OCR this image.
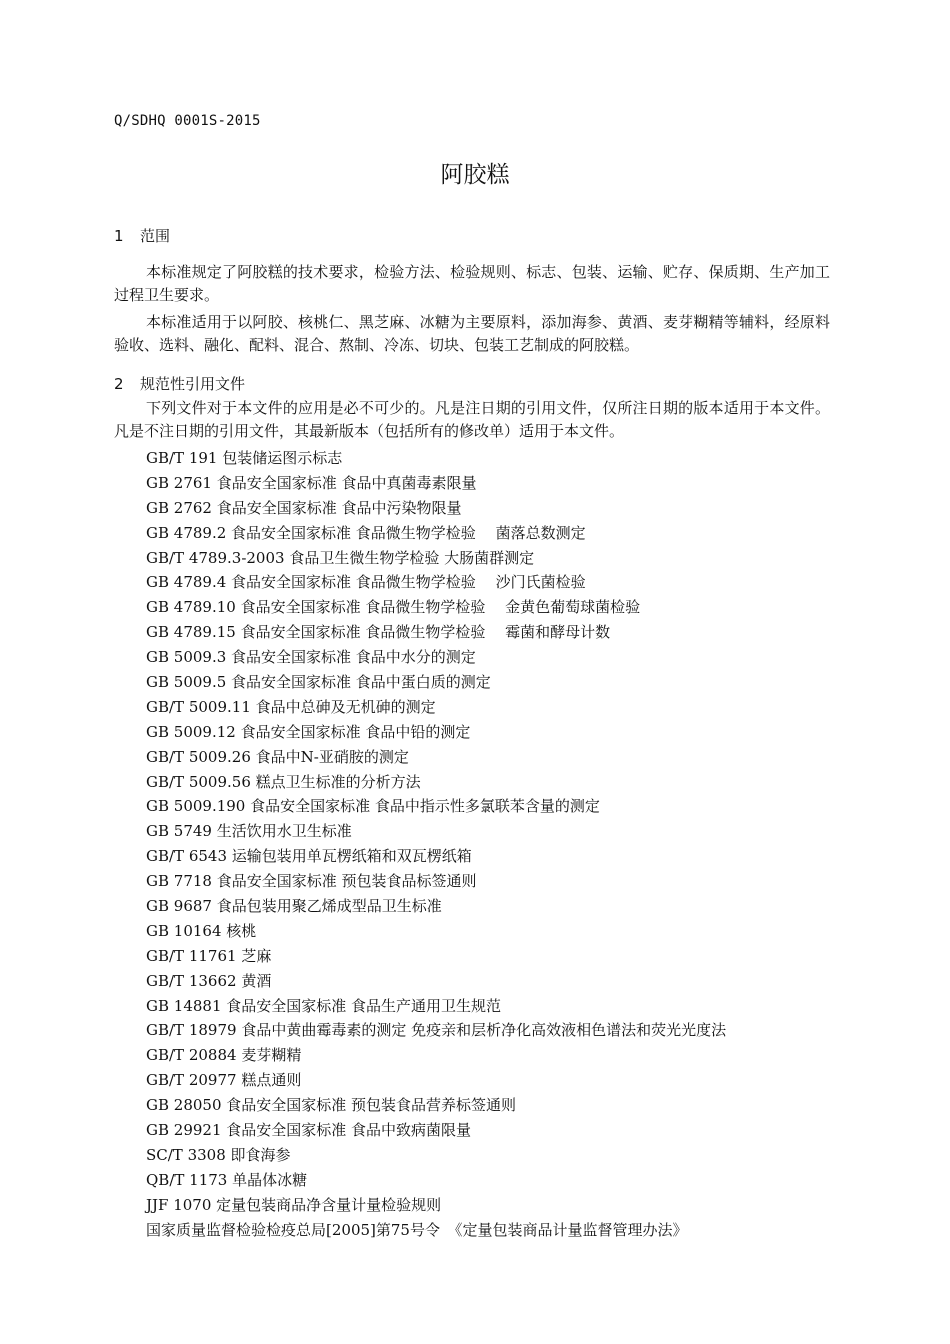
Q/SDHQ 0001S-2015
阿胶糕
1 范围

本标准规定了阿胶糕的技术要求，检验方法、检验规则、标志、包装、运输、贮存、保质期、生产加工过程卫生要求。

本标准适用于以阿胶、核桃仁、黑芝麻、冰糖为主要原料，添加海参、黄酒、麦芽糊精等辅料，经原料验收、选料、融化、配料、混合、熬制、冷冻、切块、包装工艺制成的阿胶糕。

2 规范性引用文件

下列文件对于本文件的应用是必不可少的。凡是注日期的引用文件，仅所注日期的版本适用于本文件。凡是不注日期的引用文件，其最新版本（包括所有的修改单）适用于本文件。

GB/T 191 包装储运图示标志
GB 2761 食品安全国家标准 食品中真菌毒素限量
GB 2762 食品安全国家标准 食品中污染物限量
GB 4789.2 食品安全国家标准 食品微生物学检验　 菌落总数测定
GB/T 4789.3-2003 食品卫生微生物学检验 大肠菌群测定
GB 4789.4 食品安全国家标准 食品微生物学检验　 沙门氏菌检验
GB 4789.10 食品安全国家标准 食品微生物学检验　 金黄色葡萄球菌检验
GB 4789.15 食品安全国家标准 食品微生物学检验　 霉菌和酵母计数
GB 5009.3 食品安全国家标准 食品中水分的测定
GB 5009.5 食品安全国家标准 食品中蛋白质的测定
GB/T 5009.11 食品中总砷及无机砷的测定
GB 5009.12 食品安全国家标准 食品中铅的测定
GB/T 5009.26 食品中N-亚硝胺的测定
GB/T 5009.56 糕点卫生标准的分析方法
GB 5009.190 食品安全国家标准 食品中指示性多氯联苯含量的测定
GB 5749 生活饮用水卫生标准
GB/T 6543 运输包装用单瓦楞纸箱和双瓦楞纸箱
GB 7718 食品安全国家标准 预包装食品标签通则
GB 9687 食品包装用聚乙烯成型品卫生标准
GB 10164 核桃
GB/T 11761 芝麻
GB/T 13662 黄酒
GB 14881 食品安全国家标准 食品生产通用卫生规范
GB/T 18979 食品中黄曲霉毒素的测定 免疫亲和层析净化高效液相色谱法和荧光光度法
GB/T 20884 麦芽糊精
GB/T 20977 糕点通则
GB 28050 食品安全国家标准 预包装食品营养标签通则
GB 29921 食品安全国家标准 食品中致病菌限量
SC/T 3308 即食海参
QB/T 1173 单晶体冰糖
JJF 1070 定量包装商品净含量计量检验规则
国家质量监督检验检疫总局[2005]第75号令　《定量包装商品计量监督管理办法》
